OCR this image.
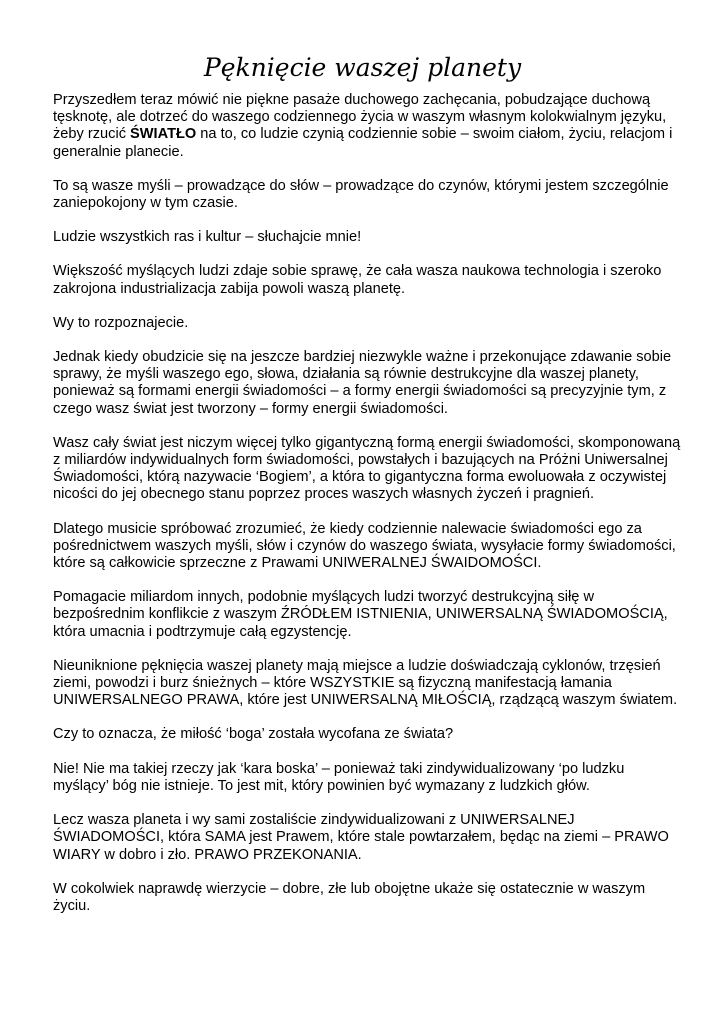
Pęknięcie waszej planety

Przyszedłem teraz mówić nie piękne pasaże duchowego zachęcania, pobudzające duchową tęsknotę, ale dotrzeć do waszego codziennego życia w waszym własnym kolokwialnym języku, żeby rzucić ŚWIATŁO na to, co ludzie czynią codziennie sobie – swoim ciałom, życiu, relacjom i generalnie planecie.

To są wasze myśli – prowadzące do słów – prowadzące do czynów, którymi jestem szczególnie zaniepokojony w tym czasie.

Ludzie wszystkich ras i kultur – słuchajcie mnie!

Większość myślących ludzi zdaje sobie sprawę, że cała wasza naukowa technologia i szeroko zakrojona industrializacja zabija powoli waszą planetę.

Wy to rozpoznajecie.

Jednak kiedy obudzicie się na jeszcze bardziej niezwykle ważne i przekonujące zdawanie sobie sprawy, że myśli waszego ego, słowa, działania są równie destrukcyjne dla waszej planety, ponieważ są formami energii świadomości – a formy energii świadomości są precyzyjnie tym, z czego wasz świat jest tworzony – formy energii świadomości.

Wasz cały świat jest niczym więcej tylko gigantyczną formą energii świadomości, skomponowaną z miliardów indywidualnych form świadomości, powstałych i bazujących na Próżni Uniwersalnej Świadomości, którą nazywacie ‘Bogiem’, a która to gigantyczna forma ewoluowała z oczywistej nicości do jej obecnego stanu poprzez proces waszych własnych życzeń i pragnień.

Dlatego musicie spróbować zrozumieć, że kiedy codziennie nalewacie świadomości ego za pośrednictwem waszych myśli, słów i czynów do waszego świata, wysyłacie formy świadomości, które są całkowicie sprzeczne z Prawami UNIWERALNEJ ŚWAIDOMOŚCI.

Pomagacie miliardom innych, podobnie myślących ludzi tworzyć destrukcyjną siłę w bezpośrednim konflikcie z waszym ŹRÓDŁEM ISTNIENIA, UNIWERSALNĄ ŚWIADOMOŚCIĄ, która umacnia i podtrzymuje całą egzystencję.

Nieuniknione pęknięcia waszej planety mają miejsce a ludzie doświadczają cyklonów, trzęsień ziemi, powodzi i burz śnieżnych – które WSZYSTKIE są fizyczną manifestacją łamania UNIWERSALNEGO PRAWA, które jest UNIWERSALNĄ MIŁOŚCIĄ, rządzącą waszym światem.

Czy to oznacza, że miłość ‘boga’ została wycofana ze świata?

Nie! Nie ma takiej rzeczy jak ‘kara boska’ – ponieważ taki zindywidualizowany ‘po ludzku myślący’ bóg nie istnieje. To jest mit, który powinien być wymazany z ludzkich głów.

Lecz wasza planeta i wy sami zostaliście zindywidualizowani z UNIWERSALNEJ ŚWIADOMOŚCI, która SAMA jest Prawem, które stale powtarzałem, będąc na ziemi – PRAWO WIARY w dobro i zło. PRAWO PRZEKONANIA.

W cokolwiek naprawdę wierzycie – dobre, złe lub obojętne ukaże się ostatecznie w waszym życiu.
